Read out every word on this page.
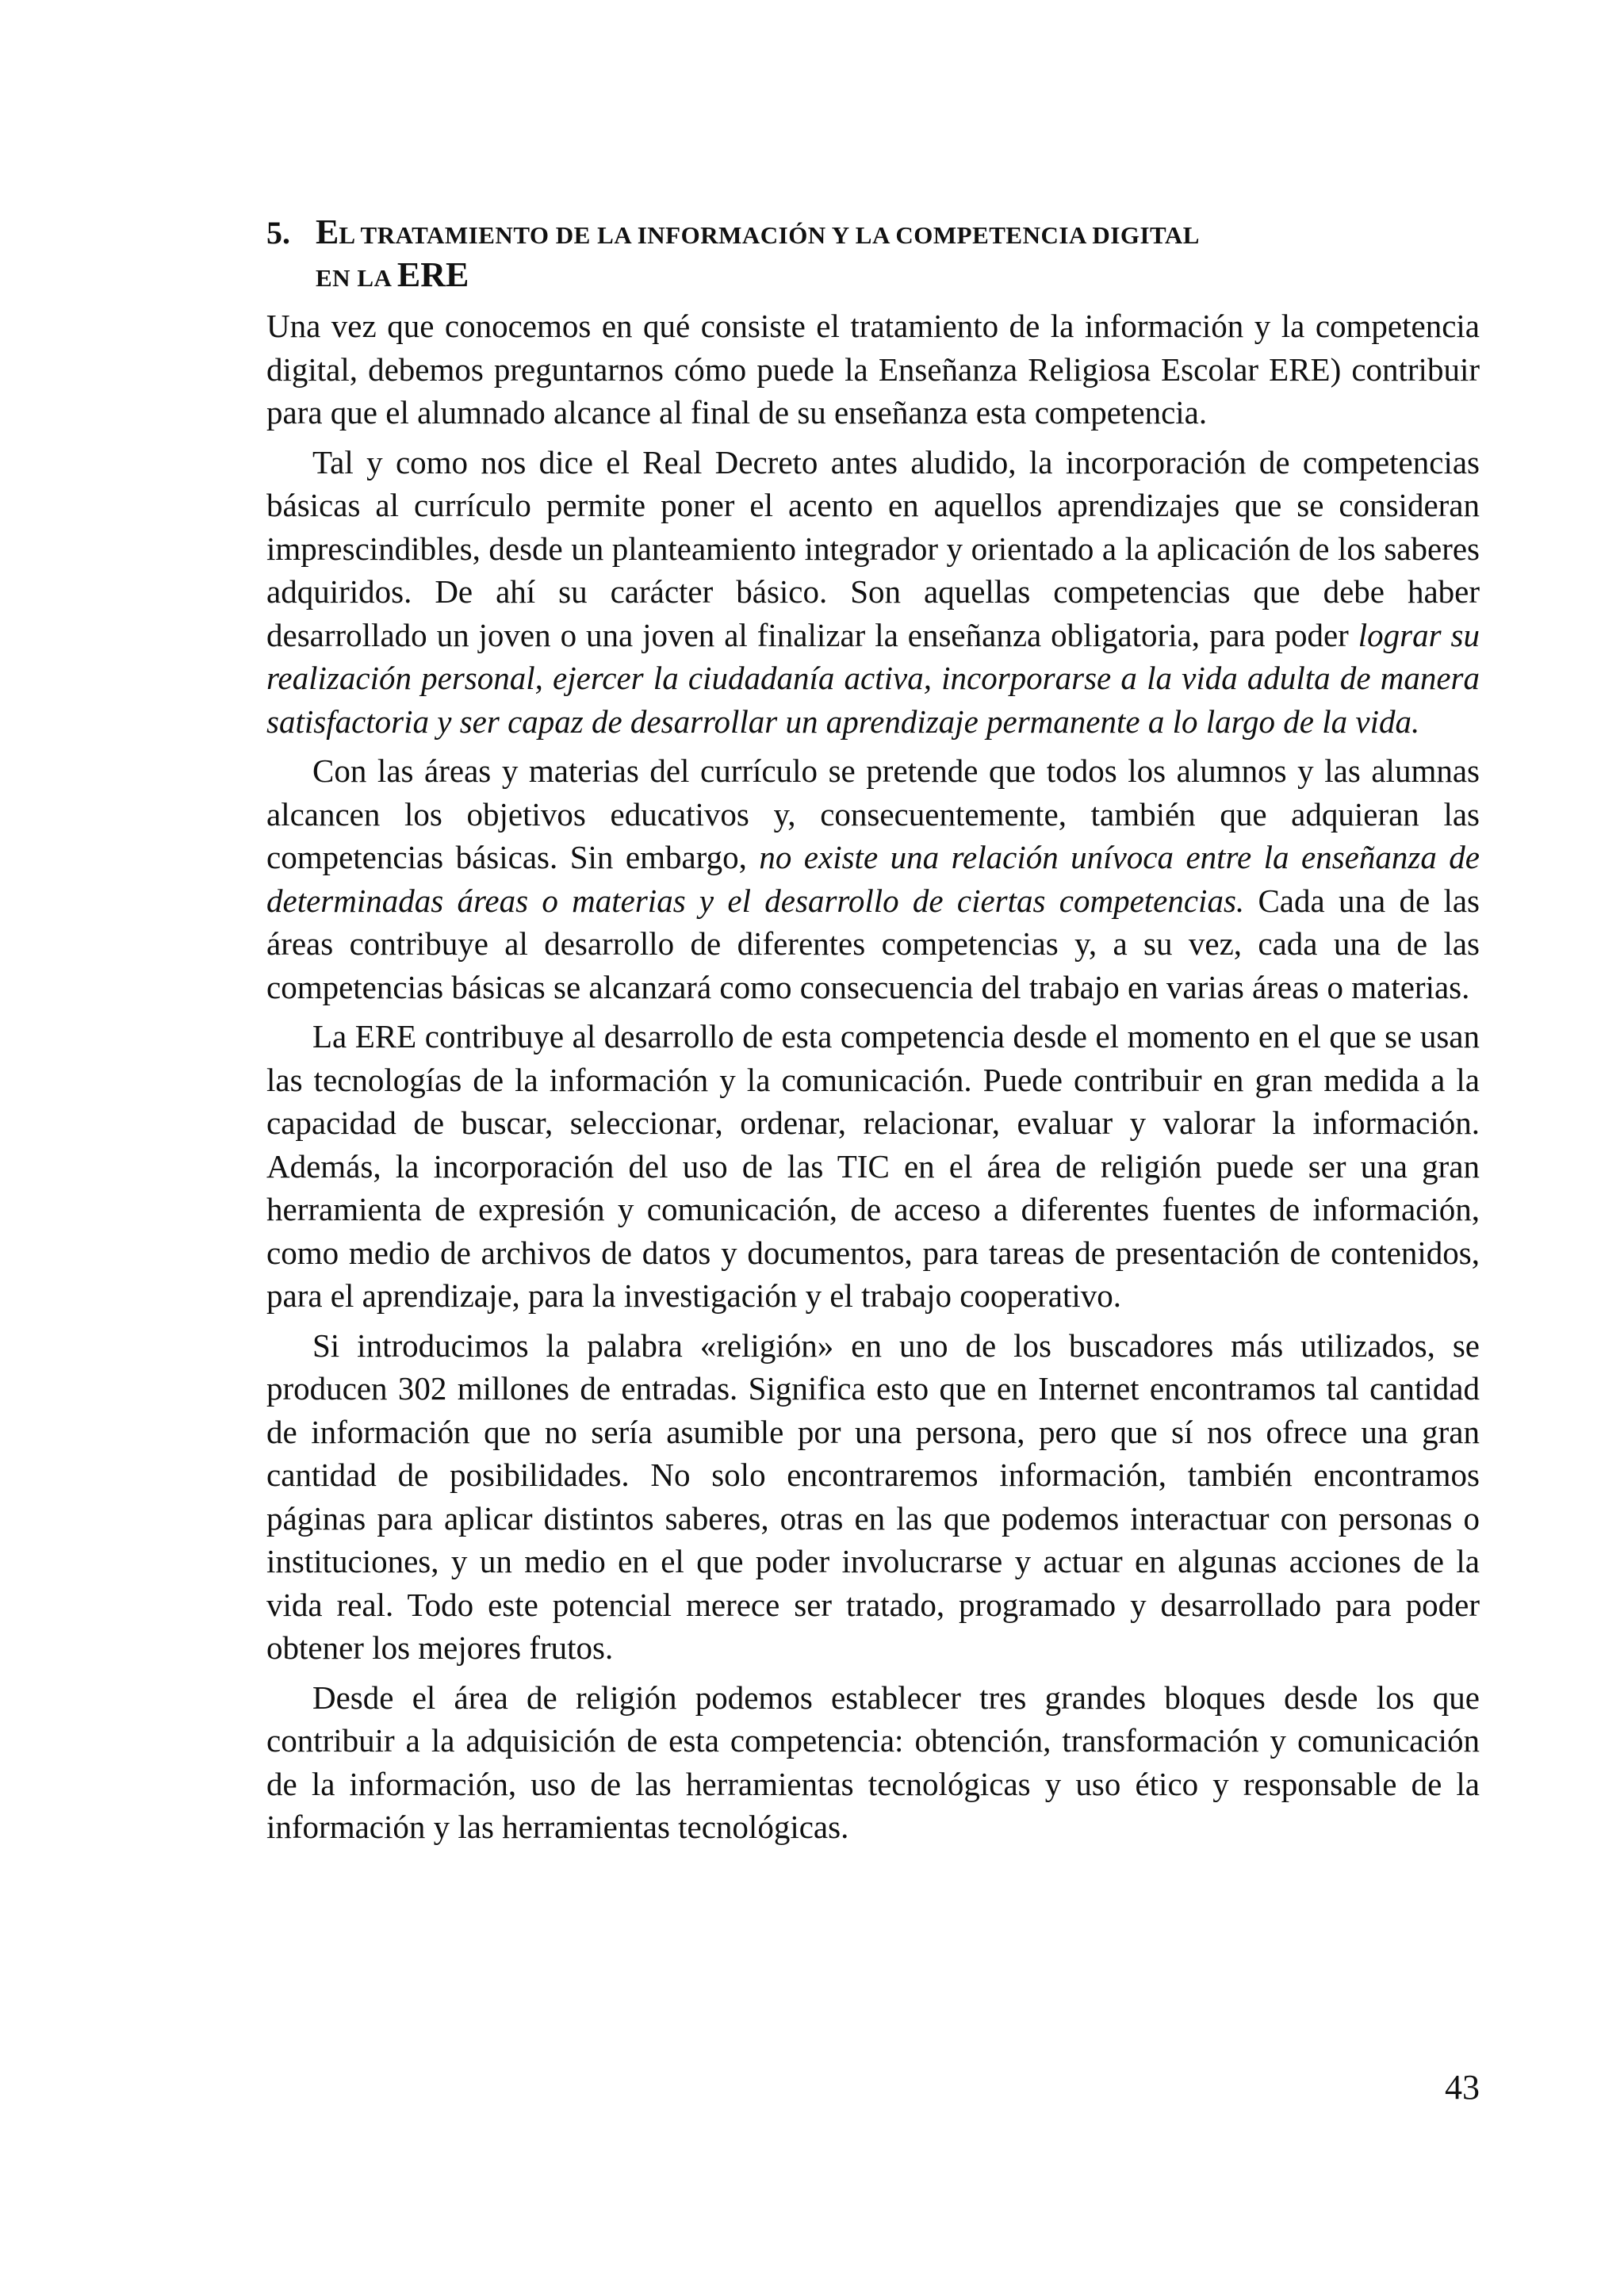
5. EL TRATAMIENTO DE LA INFORMACIÓN Y LA COMPETENCIA DIGITAL
EN LA ERE

Una vez que conocemos en qué consiste el tratamiento de la información y la competencia digital, debemos preguntarnos cómo puede la Enseñanza Religiosa Escolar ERE) contribuir para que el alumnado alcance al final de su enseñanza esta competencia.

Tal y como nos dice el Real Decreto antes aludido, la incorporación de competencias básicas al currículo permite poner el acento en aquellos aprendizajes que se consideran imprescindibles, desde un planteamiento integrador y orientado a la aplicación de los saberes adquiridos. De ahí su carácter básico. Son aquellas competencias que debe haber desarrollado un joven o una joven al finalizar la enseñanza obligatoria, para poder lograr su realización personal, ejercer la ciudadanía activa, incorporarse a la vida adulta de manera satisfactoria y ser capaz de desarrollar un aprendizaje permanente a lo largo de la vida.

Con las áreas y materias del currículo se pretende que todos los alumnos y las alumnas alcancen los objetivos educativos y, consecuentemente, también que adquieran las competencias básicas. Sin embargo, no existe una relación unívoca entre la enseñanza de determinadas áreas o materias y el desarrollo de ciertas competencias. Cada una de las áreas contribuye al desarrollo de diferentes competencias y, a su vez, cada una de las competencias básicas se alcanzará como consecuencia del trabajo en varias áreas o materias.

La ERE contribuye al desarrollo de esta competencia desde el momento en el que se usan las tecnologías de la información y la comunicación. Puede contribuir en gran medida a la capacidad de buscar, seleccionar, ordenar, relacionar, evaluar y valorar la información. Además, la incorporación del uso de las TIC en el área de religión puede ser una gran herramienta de expresión y comunicación, de acceso a diferentes fuentes de información, como medio de archivos de datos y documentos, para tareas de presentación de contenidos, para el aprendizaje, para la investigación y el trabajo cooperativo.

Si introducimos la palabra «religión» en uno de los buscadores más utilizados, se producen 302 millones de entradas. Significa esto que en Internet encontramos tal cantidad de información que no sería asumible por una persona, pero que sí nos ofrece una gran cantidad de posibilidades. No solo encontraremos información, también encontramos páginas para aplicar distintos saberes, otras en las que podemos interactuar con personas o instituciones, y un medio en el que poder involucrarse y actuar en algunas acciones de la vida real. Todo este potencial merece ser tratado, programado y desarrollado para poder obtener los mejores frutos.

Desde el área de religión podemos establecer tres grandes bloques desde los que contribuir a la adquisición de esta competencia: obtención, transformación y comunicación de la información, uso de las herramientas tecnológicas y uso ético y responsable de la información y las herramientas tecnológicas.

43
